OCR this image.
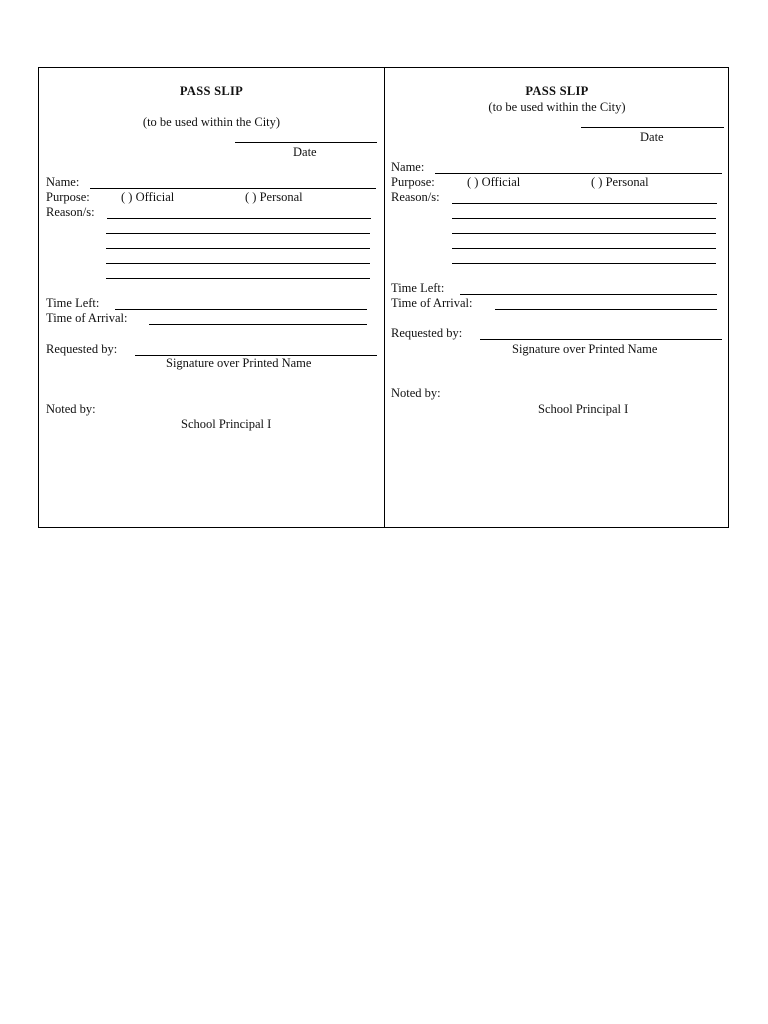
PASS SLIP
(to be used within the City)
Date
Name:
Purpose:	( ) Official	( ) Personal
Reason/s:
Time Left:
Time of Arrival:
Requested by:
Signature over Printed Name
Noted by:
School Principal I
PASS SLIP
(to be used within the City)
Date
Name:
Purpose:	( ) Official	( ) Personal
Reason/s:
Time Left:
Time of Arrival:
Requested by:
Signature over Printed Name
Noted by:
School Principal I
